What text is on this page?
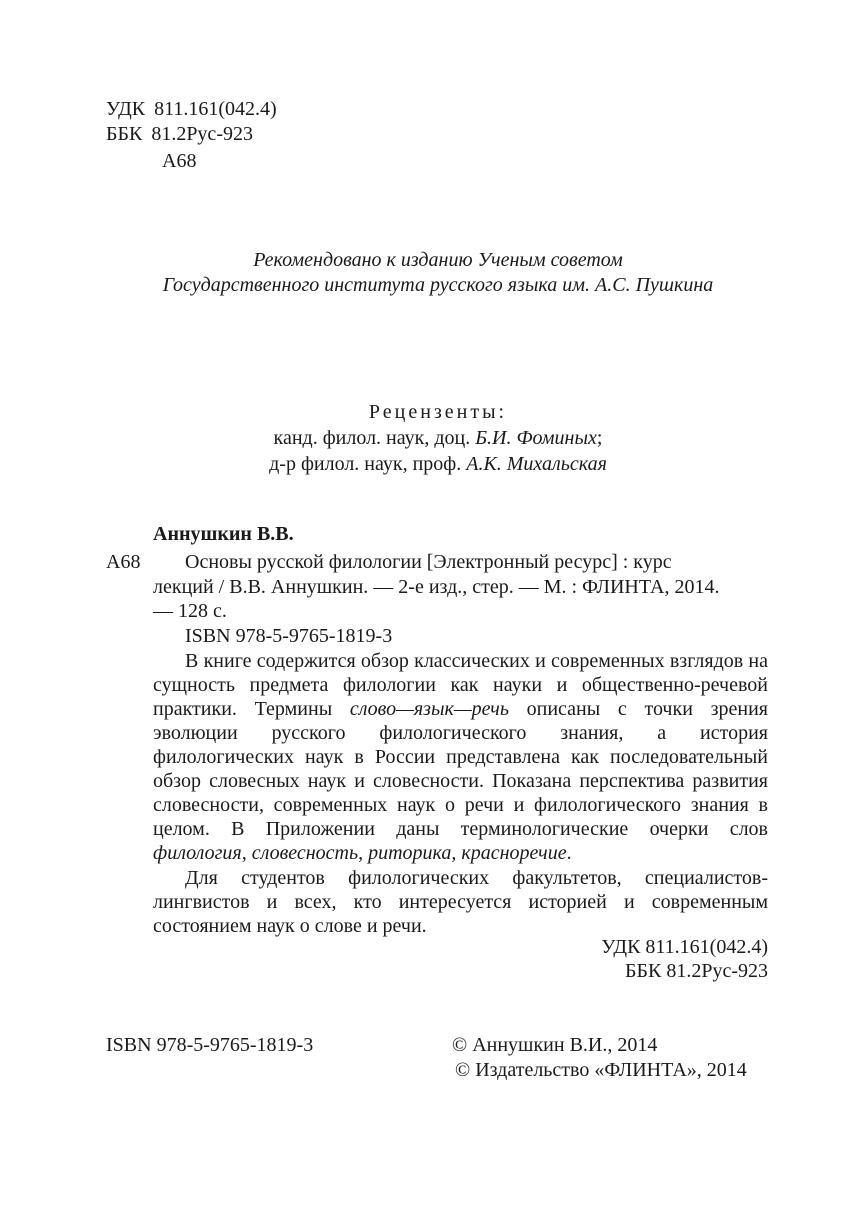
УДК 811.161(042.4)
ББК 81.2Рус-923
А68
Рекомендовано к изданию Ученым советом
Государственного института русского языка им. А.С. Пушкина
Рецензенты:
канд. филол. наук, доц. Б.И. Фоминых;
д-р филол. наук, проф. А.К. Михальская
Аннушкин В.В.
А68 Основы русской филологии [Электронный ресурс] : курс
лекций / В.В. Аннушкин. — 2-е изд., стер. — М. : ФЛИНТА, 2014.
— 128 с.
ISBN 978-5-9765-1819-3
В книге содержится обзор классических и современных взглядов на сущность предмета филологии как науки и общественно-речевой практики. Термины слово—язык—речь описаны с точки зрения эволюции русского филологического знания, а история филологических наук в России представлена как последовательный обзор словесных наук и словесности. Показана перспектива развития словесности, современных наук о речи и филологического знания в целом. В Приложении даны терминологические очерки слов филология, словесность, риторика, красноречие.
Для студентов филологических факультетов, специалистов-лингвистов и всех, кто интересуется историей и современным состоянием наук о слове и речи.
УДК 811.161(042.4)
ББК 81.2Рус-923
ISBN 978-5-9765-1819-3	© Аннушкин В.И., 2014
© Издательство «ФЛИНТА», 2014
